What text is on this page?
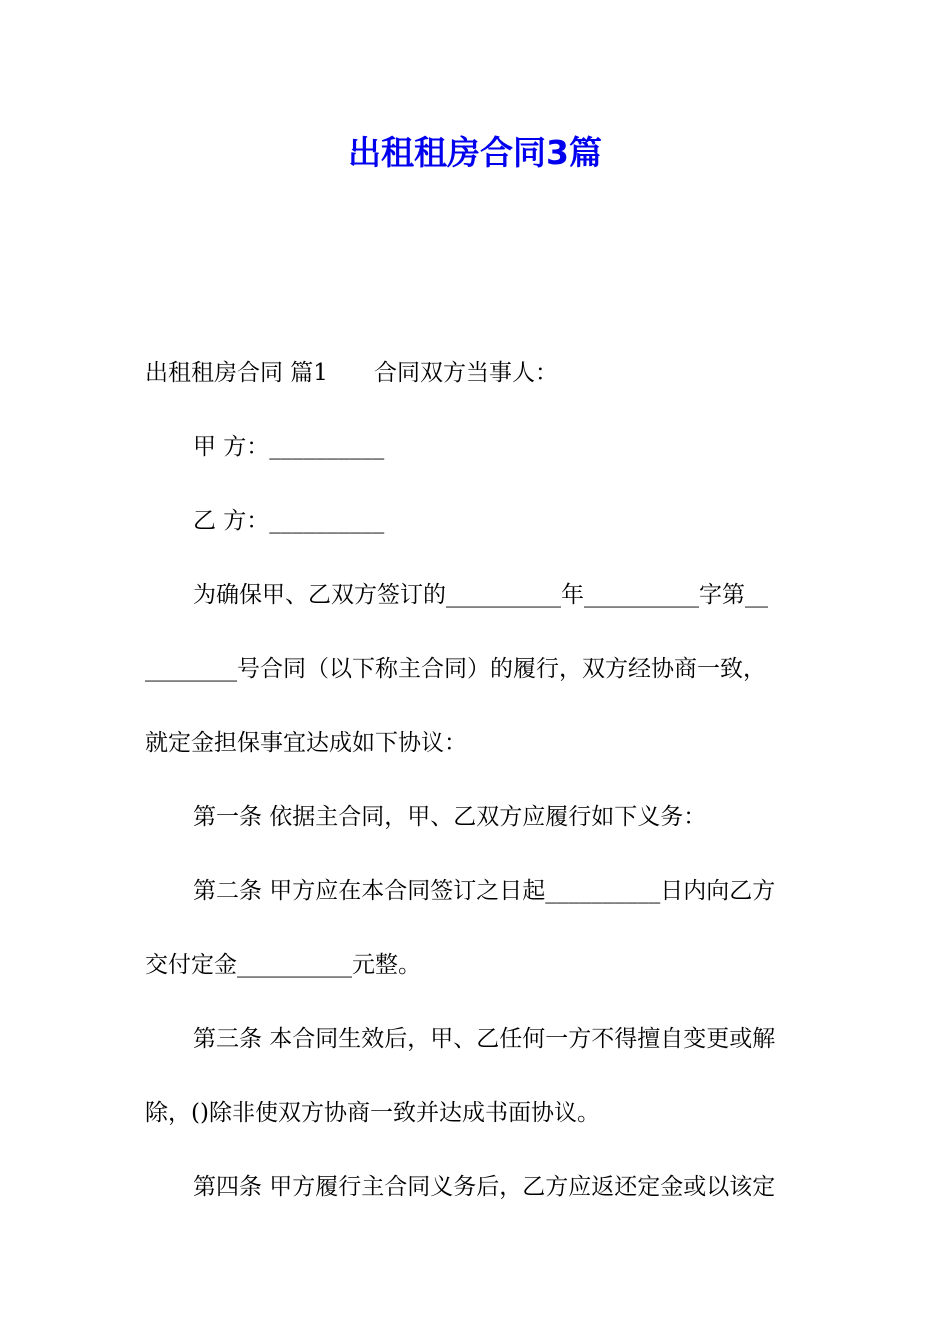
出租租房合同3篇

出租租房合同 篇1 合同双方当事人：

甲 方：__________

乙 方：__________

为确保甲、乙双方签订的__________年__________字第__

________号合同（以下称主合同）的履行，双方经协商一致，

就定金担保事宜达成如下协议：

第一条 依据主合同，甲、乙双方应履行如下义务：

第二条 甲方应在本合同签订之日起__________日内向乙方

交付定金__________元整。

第三条 本合同生效后，甲、乙任何一方不得擅自变更或解

除，()除非使双方协商一致并达成书面协议。

第四条 甲方履行主合同义务后，乙方应返还定金或以该定
